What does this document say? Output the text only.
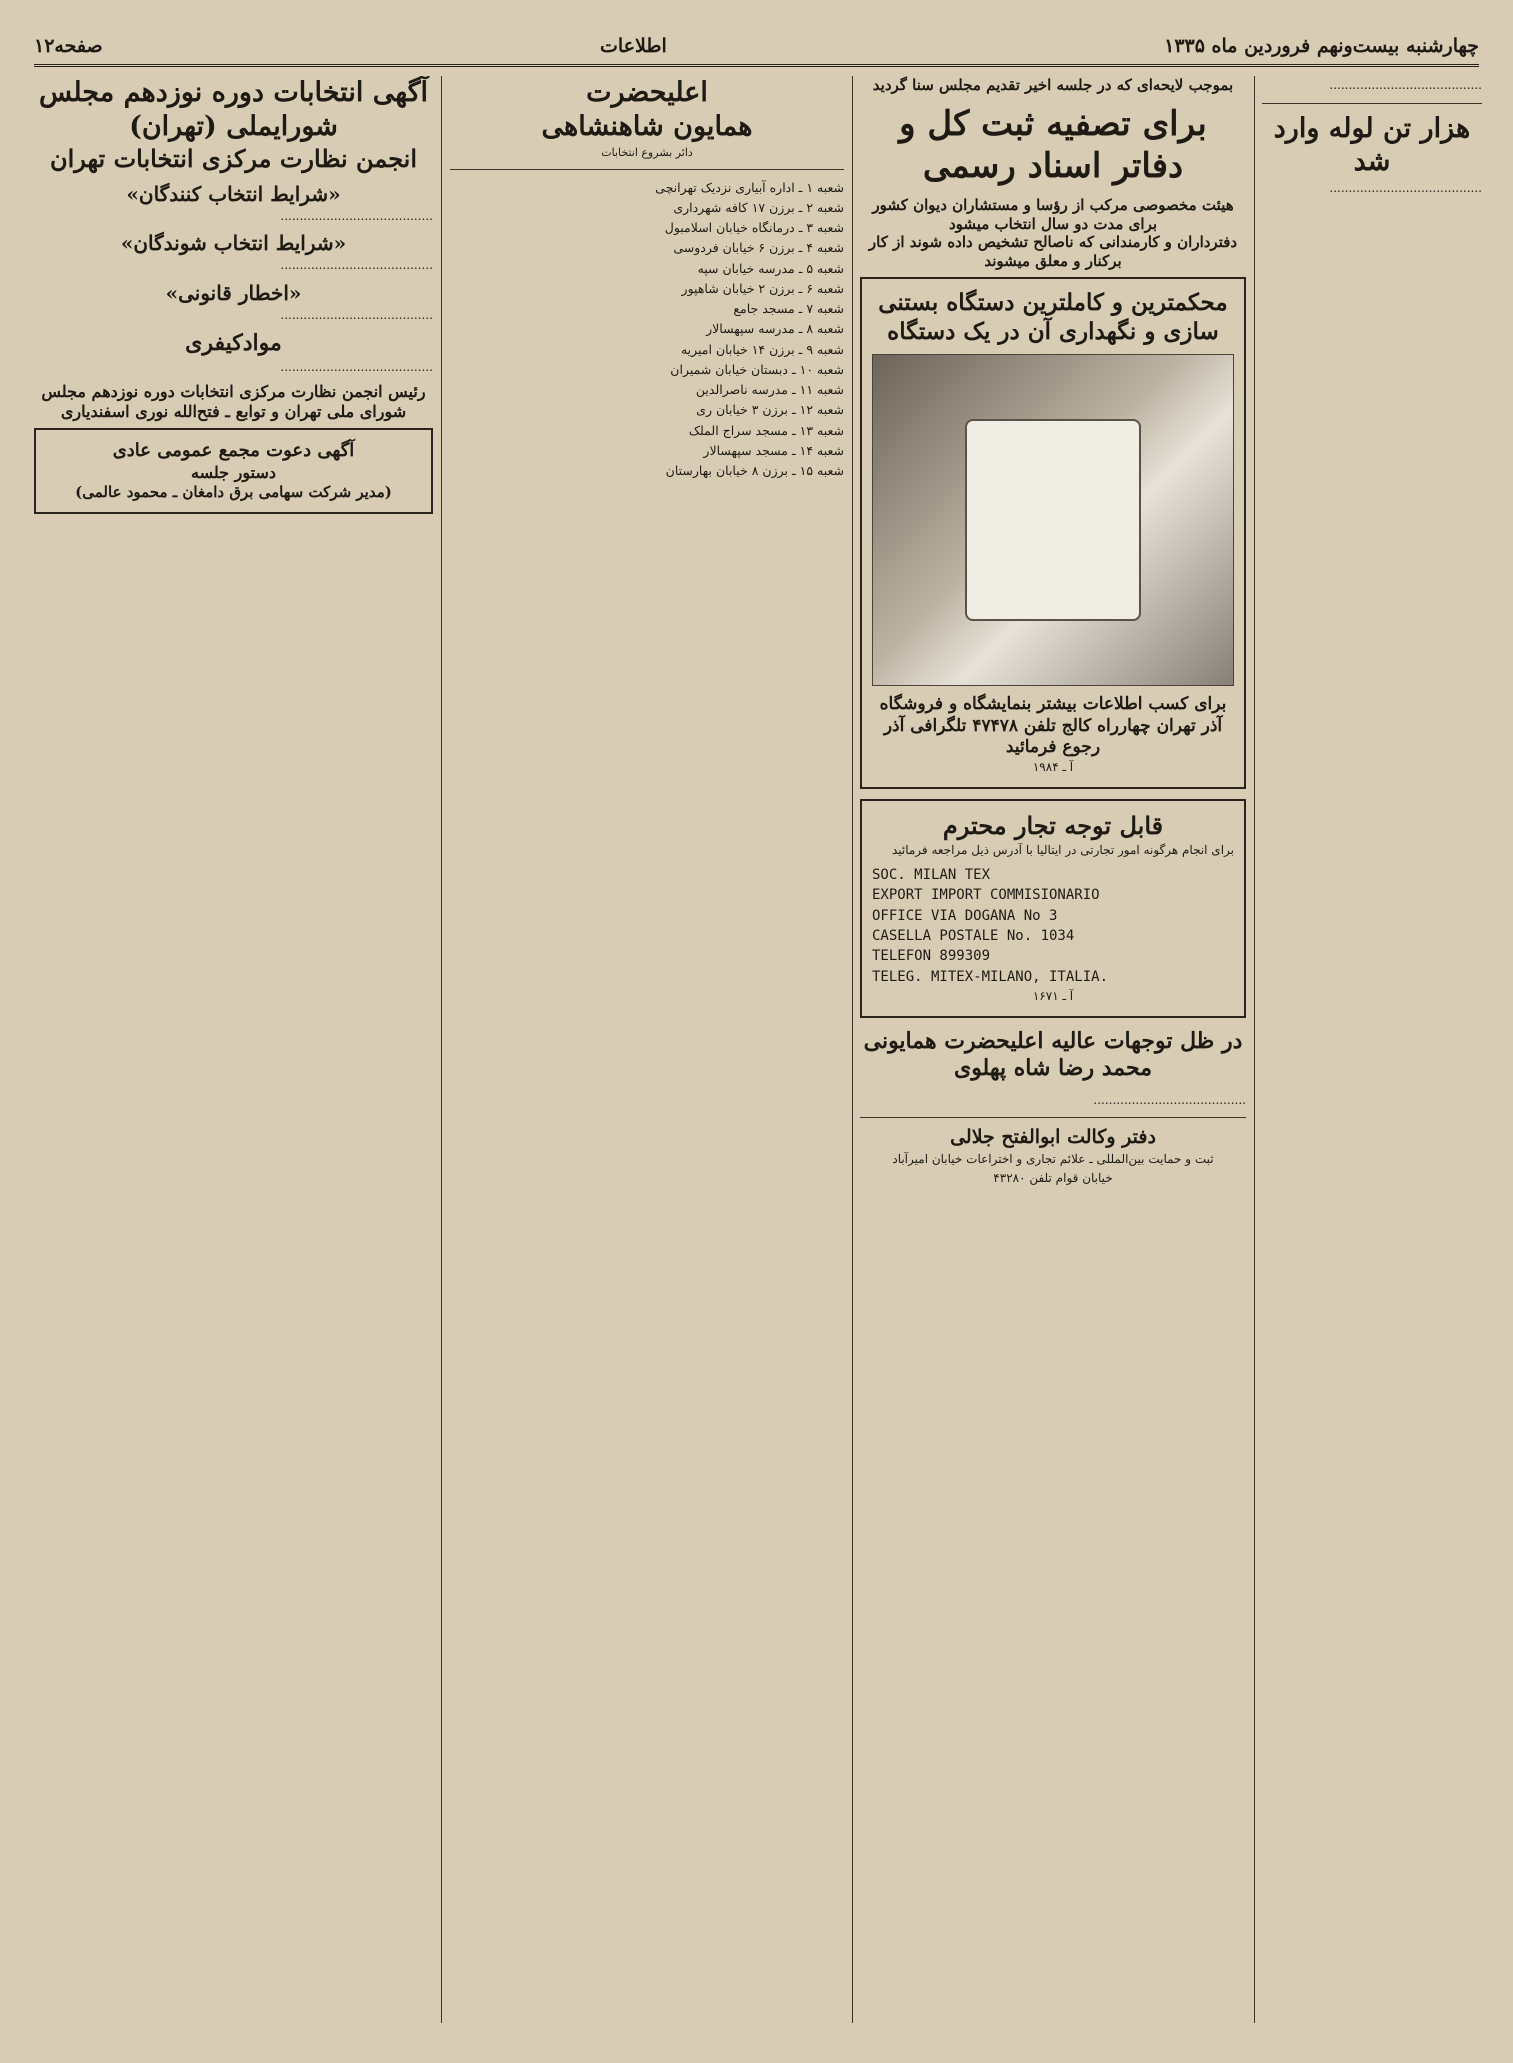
صفحه۱۲	اطلاعات	چهارشنبه بیست‌ونهم فروردین ماه ۱۳۳۵
بموجب لایحه‌ای که در جلسه اخیر تقدیم مجلس سنا گردید
برای تصفیه ثبت کل و دفاتر اسناد رسمی
هیئت مخصوصی مرکب از رؤسا و مستشاران دیوان کشور برای مدت دو سال انتخاب میشود
دفترداران و کارمندانی که ناصالح تشخیص داده شوند از کار برکنار و معلق میشوند
محکمترین و کاملترین دستگاه بستنی سازی و نگهداری آن در یک دستگاه
برای کسب اطلاعات بیشتر بنمایشگاه و فروشگاه آذر تهران چهارراه کالج تلفن ۴۷۴۷۸ تلگرافی آذر رجوع فرمائید
آ ـ ۱۹۸۴
قابل توجه تجار محترم

برای انجام هرگونه امور تجارتی در ایتالیا با آدرس ذیل مراجعه فرمائید

SOC. MILAN TEX
EXPORT IMPORT COMMISIONARIO
OFFICE VIA DOGANA No 3
CASELLA POSTALE No. 1034
TELEFON 899309
TELEG. MITEX-MILANO, ITALIA.
آ ـ ۱۶۷۱
در ظل توجهات عالیه اعلیحضرت همایونی محمد رضا شاه پهلوی

........................................

دفتر وکالت ابوالفتح جلالی
ثبت و حمایت بین‌المللی ـ علائم تجاری و اختراعات خیابان امیرآباد
خیابان قوام تلفن ۴۳۲۸۰

........................................

هزار تن لوله وارد شد

........................................

اعلیحضرت
همایون شاهنشاهی
دائر بشروع انتخابات

شعبه ۱ ـ اداره آبیاری نزدیک تهرانچی

شعبه ۲ ـ برزن ۱۷ کافه شهرداری

شعبه ۳ ـ درمانگاه خیابان اسلامبول

شعبه ۴ ـ برزن ۶ خیابان فردوسی

شعبه ۵ ـ مدرسه خیابان سپه

شعبه ۶ ـ برزن ۲ خیابان شاهپور

شعبه ۷ ـ مسجد جامع

شعبه ۸ ـ مدرسه سپهسالار

شعبه ۹ ـ برزن ۱۴ خیابان امیریه

شعبه ۱۰ ـ دبستان خیابان شمیران

شعبه ۱۱ ـ مدرسه ناصرالدین

شعبه ۱۲ ـ برزن ۳ خیابان ری

شعبه ۱۳ ـ مسجد سراج الملک

شعبه ۱۴ ـ مسجد سپهسالار

شعبه ۱۵ ـ برزن ۸ خیابان بهارستان

آگهی انتخابات دوره نوزدهم مجلس شورایملی (تهران)
انجمن نظارت مرکزی انتخابات تهران
«شرایط انتخاب کنندگان»

........................................

«شرایط انتخاب شوندگان»

........................................

«اخطار قانونی»

........................................

موادکیفری

........................................

رئیس انجمن نظارت مرکزی انتخابات دوره نوزدهم مجلس شورای ملی تهران و توابع ـ فتح‌الله نوری اسفندیاری
آگهی دعوت مجمع عمومی عادی
دستور جلسه
(مدیر شرکت سهامی برق دامغان ـ محمود عالمی)
